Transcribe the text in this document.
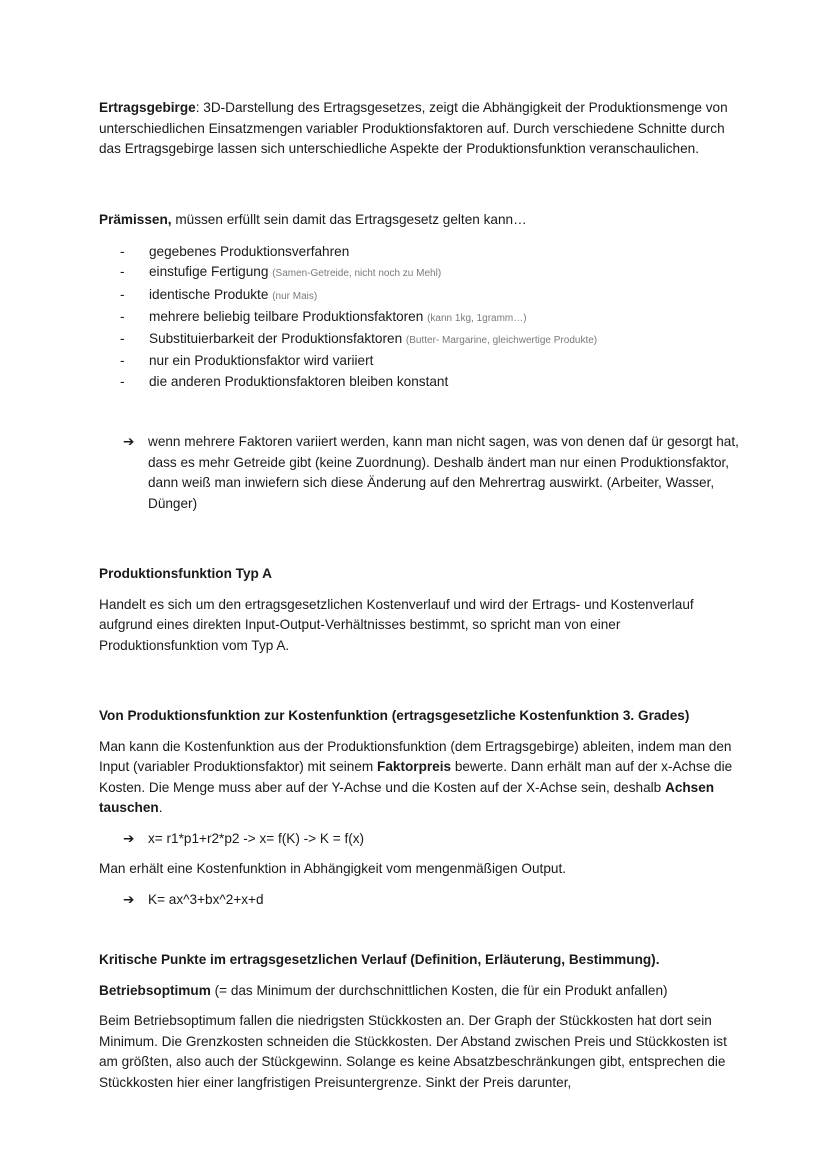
Ertragsgebirge: 3D-Darstellung des Ertragsgesetzes, zeigt die Abhängigkeit der Produktionsmenge von unterschiedlichen Einsatzmengen variabler Produktionsfaktoren auf. Durch verschiedene Schnitte durch das Ertragsgebirge lassen sich unterschiedliche Aspekte der Produktionsfunktion veranschaulichen.

Prämissen, müssen erfüllt sein damit das Ertragsgesetz gelten kann…

- gegebenes Produktionsverfahren
- einstufige Fertigung (Samen-Getreide, nicht noch zu Mehl)
- identische Produkte (nur Mais)
- mehrere beliebig teilbare Produktionsfaktoren (kann 1kg, 1gramm…)
- Substituierbarkeit der Produktionsfaktoren (Butter- Margarine, gleichwertige Produkte)
- nur ein Produktionsfaktor wird variiert
- die anderen Produktionsfaktoren bleiben konstant

➔ wenn mehrere Faktoren variiert werden, kann man nicht sagen, was von denen daf ür gesorgt hat, dass es mehr Getreide gibt (keine Zuordnung). Deshalb ändert man nur einen Produktionsfaktor, dann weiß man inwiefern sich diese Änderung auf den Mehrertrag auswirkt. (Arbeiter, Wasser, Dünger)

Produktionsfunktion Typ A

Handelt es sich um den ertragsgesetzlichen Kostenverlauf und wird der Ertrags- und Kostenverlauf aufgrund eines direkten Input-Output-Verhältnisses bestimmt, so spricht man von einer Produktionsfunktion vom Typ A.

Von Produktionsfunktion zur Kostenfunktion (ertragsgesetzliche Kostenfunktion 3. Grades)

Man kann die Kostenfunktion aus der Produktionsfunktion (dem Ertragsgebirge) ableiten, indem man den Input (variabler Produktionsfaktor) mit seinem Faktorpreis bewerte. Dann erhält man auf der x-Achse die Kosten. Die Menge muss aber auf der Y-Achse und die Kosten auf der X-Achse sein, deshalb Achsen tauschen.

➔ x= r1*p1+r2*p2 -> x= f(K) -> K = f(x)

Man erhält eine Kostenfunktion in Abhängigkeit vom mengenmäßigen Output.

➔ K= ax^3+bx^2+x+d

Kritische Punkte im ertragsgesetzlichen Verlauf (Definition, Erläuterung, Bestimmung).

Betriebsoptimum (= das Minimum der durchschnittlichen Kosten, die für ein Produkt anfallen)

Beim Betriebsoptimum fallen die niedrigsten Stückkosten an. Der Graph der Stückkosten hat dort sein Minimum. Die Grenzkosten schneiden die Stückkosten. Der Abstand zwischen Preis und Stückkosten ist am größten, also auch der Stückgewinn. Solange es keine Absatzbeschränkungen gibt, entsprechen die Stückkosten hier einer langfristigen Preisuntergrenze. Sinkt der Preis darunter,
